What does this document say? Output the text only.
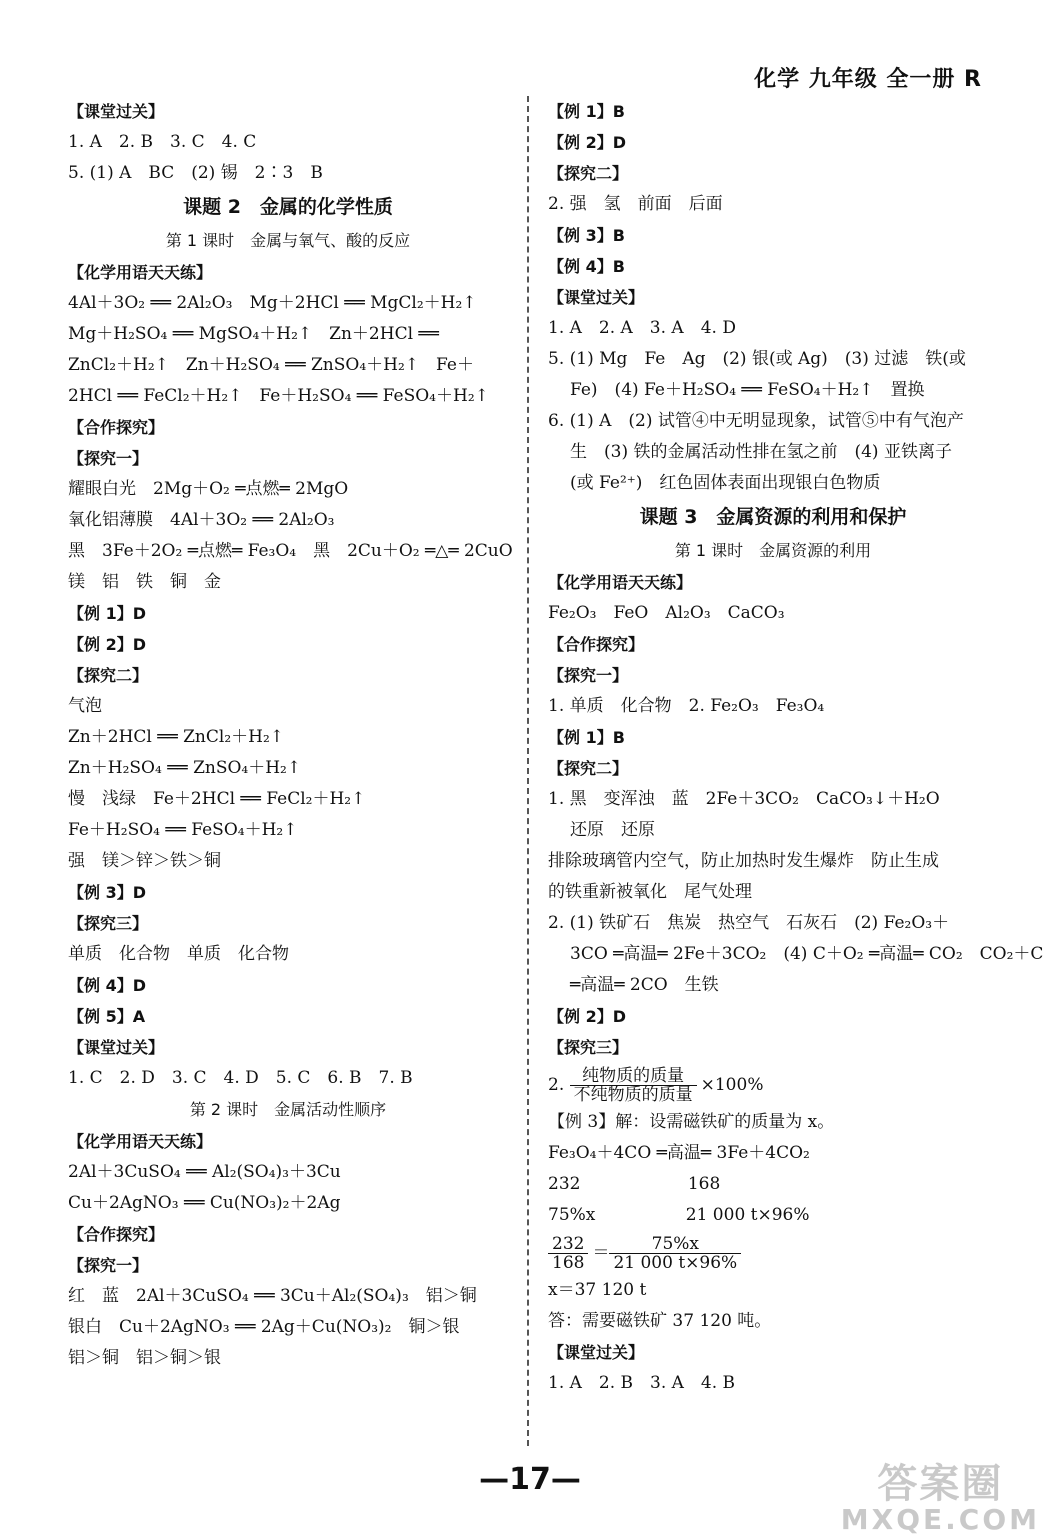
化学 九年级 全一册 R
【课堂过关】
1. A　2. B　3. C　4. C
5. (1) A　BC　(2) 锡　2∶3　B
课题 2　金属的化学性质
第 1 课时　金属与氧气、酸的反应
【化学用语天天练】
4Al＋3O₂ ══ 2Al₂O₃　Mg＋2HCl ══ MgCl₂＋H₂↑
Mg＋H₂SO₄ ══ MgSO₄＋H₂↑　Zn＋2HCl ══
ZnCl₂＋H₂↑　Zn＋H₂SO₄ ══ ZnSO₄＋H₂↑　Fe＋
2HCl ══ FeCl₂＋H₂↑　Fe＋H₂SO₄ ══ FeSO₄＋H₂↑
【合作探究】
【探究一】
耀眼白光　2Mg＋O₂ ═点燃═ 2MgO
氧化铝薄膜　4Al＋3O₂ ══ 2Al₂O₃
黑　3Fe＋2O₂ ═点燃═ Fe₃O₄　黑　2Cu＋O₂ ═△═ 2CuO
镁　铝　铁　铜　金
【例 1】D
【例 2】D
【探究二】
气泡
Zn＋2HCl ══ ZnCl₂＋H₂↑
Zn＋H₂SO₄ ══ ZnSO₄＋H₂↑
慢　浅绿　Fe＋2HCl ══ FeCl₂＋H₂↑
Fe＋H₂SO₄ ══ FeSO₄＋H₂↑
强　镁＞锌＞铁＞铜
【例 3】D
【探究三】
单质　化合物　单质　化合物
【例 4】D
【例 5】A
【课堂过关】
1. C　2. D　3. C　4. D　5. C　6. B　7. B
第 2 课时　金属活动性顺序
【化学用语天天练】
2Al＋3CuSO₄ ══ Al₂(SO₄)₃＋3Cu
Cu＋2AgNO₃ ══ Cu(NO₃)₂＋2Ag
【合作探究】
【探究一】
红　蓝　2Al＋3CuSO₄ ══ 3Cu＋Al₂(SO₄)₃　铝＞铜
银白　Cu＋2AgNO₃ ══ 2Ag＋Cu(NO₃)₂　铜＞银
铝＞铜　铝＞铜＞银
【例 1】B
【例 2】D
【探究二】
2. 强　氢　前面　后面
【例 3】B
【例 4】B
【课堂过关】
1. A　2. A　3. A　4. D
5. (1) Mg　Fe　Ag　(2) 银(或 Ag)　(3) 过滤　铁(或
Fe)　(4) Fe＋H₂SO₄ ══ FeSO₄＋H₂↑　置换
6. (1) A　(2) 试管④中无明显现象，试管⑤中有气泡产
生　(3) 铁的金属活动性排在氢之前　(4) 亚铁离子
(或 Fe²⁺)　红色固体表面出现银白色物质
课题 3　金属资源的利用和保护
第 1 课时　金属资源的利用
【化学用语天天练】
Fe₂O₃　FeO　Al₂O₃　CaCO₃
【合作探究】
【探究一】
1. 单质　化合物　2. Fe₂O₃　Fe₃O₄
【例 1】B
【探究二】
1. 黑　变浑浊　蓝　2Fe＋3CO₂　CaCO₃↓＋H₂O
还原　还原
排除玻璃管内空气，防止加热时发生爆炸　防止生成
的铁重新被氧化　尾气处理
2. (1) 铁矿石　焦炭　热空气　石灰石　(2) Fe₂O₃＋
3CO ═高温═ 2Fe＋3CO₂　(4) C＋O₂ ═高温═ CO₂　CO₂＋C
═高温═ 2CO　生铁
【例 2】D
【探究三】
2. $\frac{\text{纯物质的质量}}{\text{不纯物质的质量}} \times 100\%$
【例 3】解：设需磁铁矿的质量为 x。
Fe₃O₄＋4CO ═高温═ 3Fe＋4CO₂
232　　　　　　 168
75%x　　　　　 21 000 t×96%
$\frac{232}{168} = \frac{75\%x}{21 000 t\times 96\%}$
x＝37 120 t
答：需要磁铁矿 37 120 吨。
【课堂过关】
1. A　2. B　3. A　4. B
—17—	答案圈
MXQE.COM
